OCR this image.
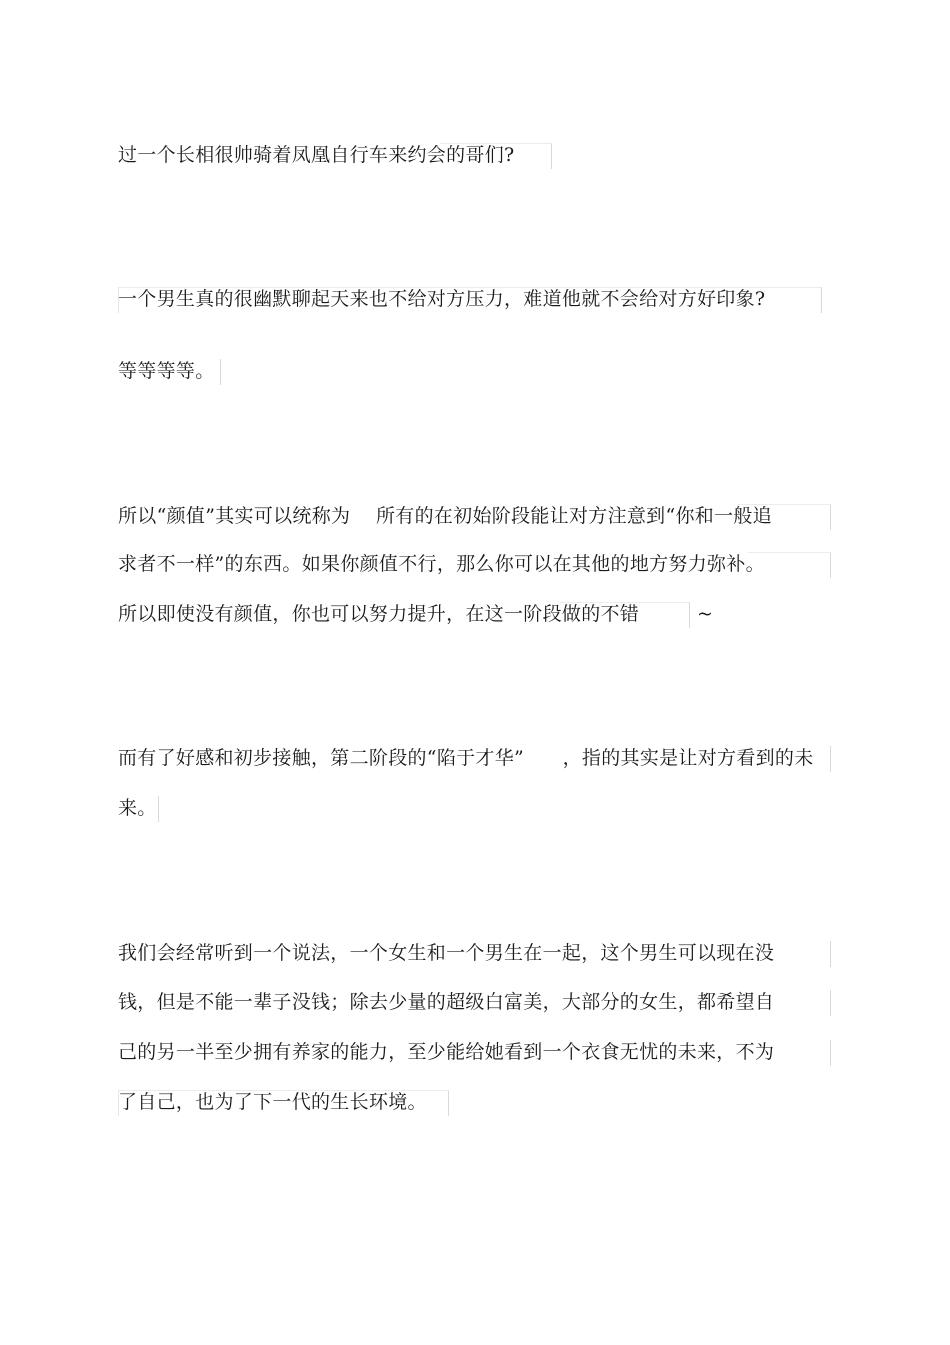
过一个长相很帅骑着凤凰自行车来约会的哥们?
一个男生真的很幽默聊起天来也不给对方压力，难道他就不会给对方好印象?
等等等等。
所以“颜值”其实可以统称为　 所有的在初始阶段能让对方注意到“你和一般追
求者不一样”的东西。如果你颜值不行，那么你可以在其他的地方努力弥补。
所以即使没有颜值，你也可以努力提升，在这一阶段做的不错　　　~
而有了好感和初步接触，第二阶段的“陷于才华”　　，指的其实是让对方看到的未
来。
我们会经常听到一个说法，一个女生和一个男生在一起，这个男生可以现在没
钱，但是不能一辈子没钱；除去少量的超级白富美，大部分的女生，都希望自
己的另一半至少拥有养家的能力，至少能给她看到一个衣食无忧的未来，不为
了自己，也为了下一代的生长环境。
